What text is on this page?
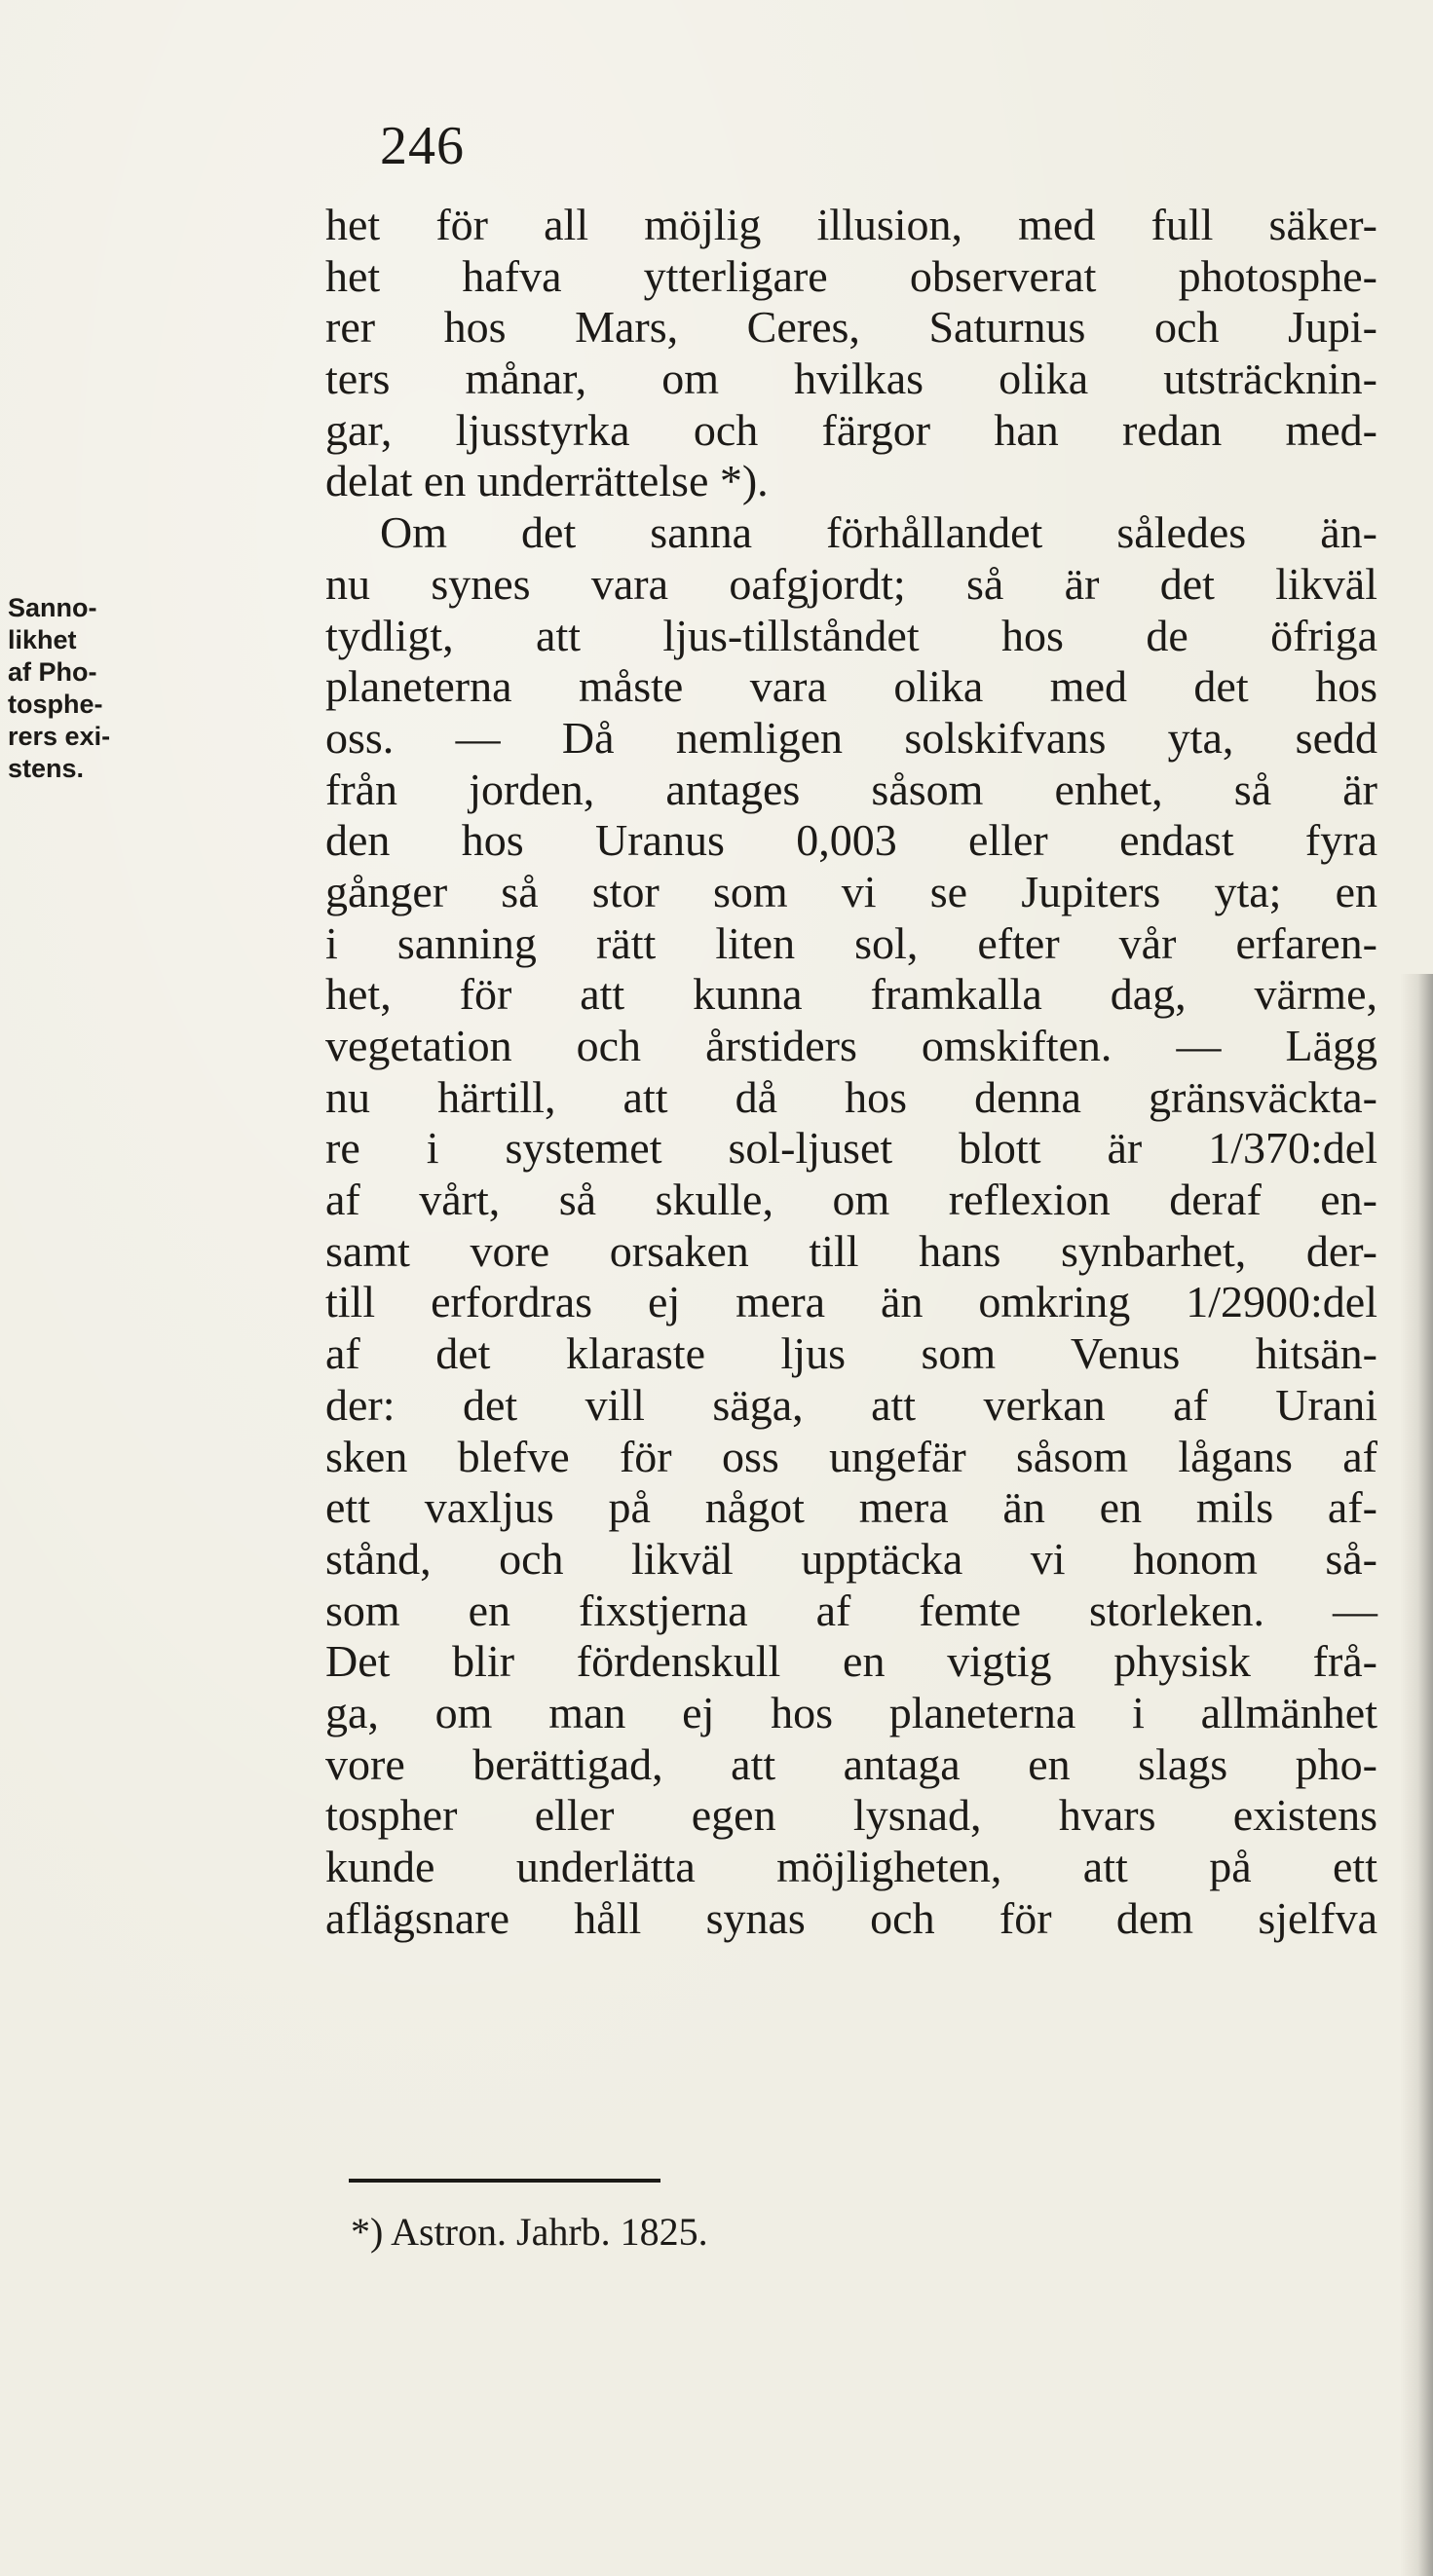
246
Sanno-
likhet
af Pho-
tosphe-
rers exi-
stens.
het för all möjlig illusion, med full säker-
het hafva ytterligare observerat photosphe-
rer hos Mars, Ceres, Saturnus och Jupi-
ters månar, om hvilkas olika utsträcknin-
gar, ljusstyrka och färgor han redan med-
delat en underrättelse *).
Om det sanna förhållandet således än-
nu synes vara oafgjordt; så är det likväl
tydligt, att ljus-tillståndet hos de öfriga
planeterna måste vara olika med det hos
oss. — Då nemligen solskifvans yta, sedd
från jorden, antages såsom enhet, så är
den hos Uranus 0,003 eller endast fyra
gånger så stor som vi se Jupiters yta; en
i sanning rätt liten sol, efter vår erfaren-
het, för att kunna framkalla dag, värme,
vegetation och årstiders omskiften. — Lägg
nu härtill, att då hos denna gränsväckta-
re i systemet sol-ljuset blott är 1/370:del
af vårt, så skulle, om reflexion deraf en-
samt vore orsaken till hans synbarhet, der-
till erfordras ej mera än omkring 1/2900:del
af det klaraste ljus som Venus hitsän-
der: det vill säga, att verkan af Urani
sken blefve för oss ungefär såsom lågans af
ett vaxljus på något mera än en mils af-
stånd, och likväl upptäcka vi honom så-
som en fixstjerna af femte storleken. —
Det blir fördenskull en vigtig physisk frå-
ga, om man ej hos planeterna i allmänhet
vore berättigad, att antaga en slags pho-
tospher eller egen lysnad, hvars existens
kunde underlätta möjligheten, att på ett
aflägsnare håll synas och för dem sjelfva
*) Astron. Jahrb. 1825.
